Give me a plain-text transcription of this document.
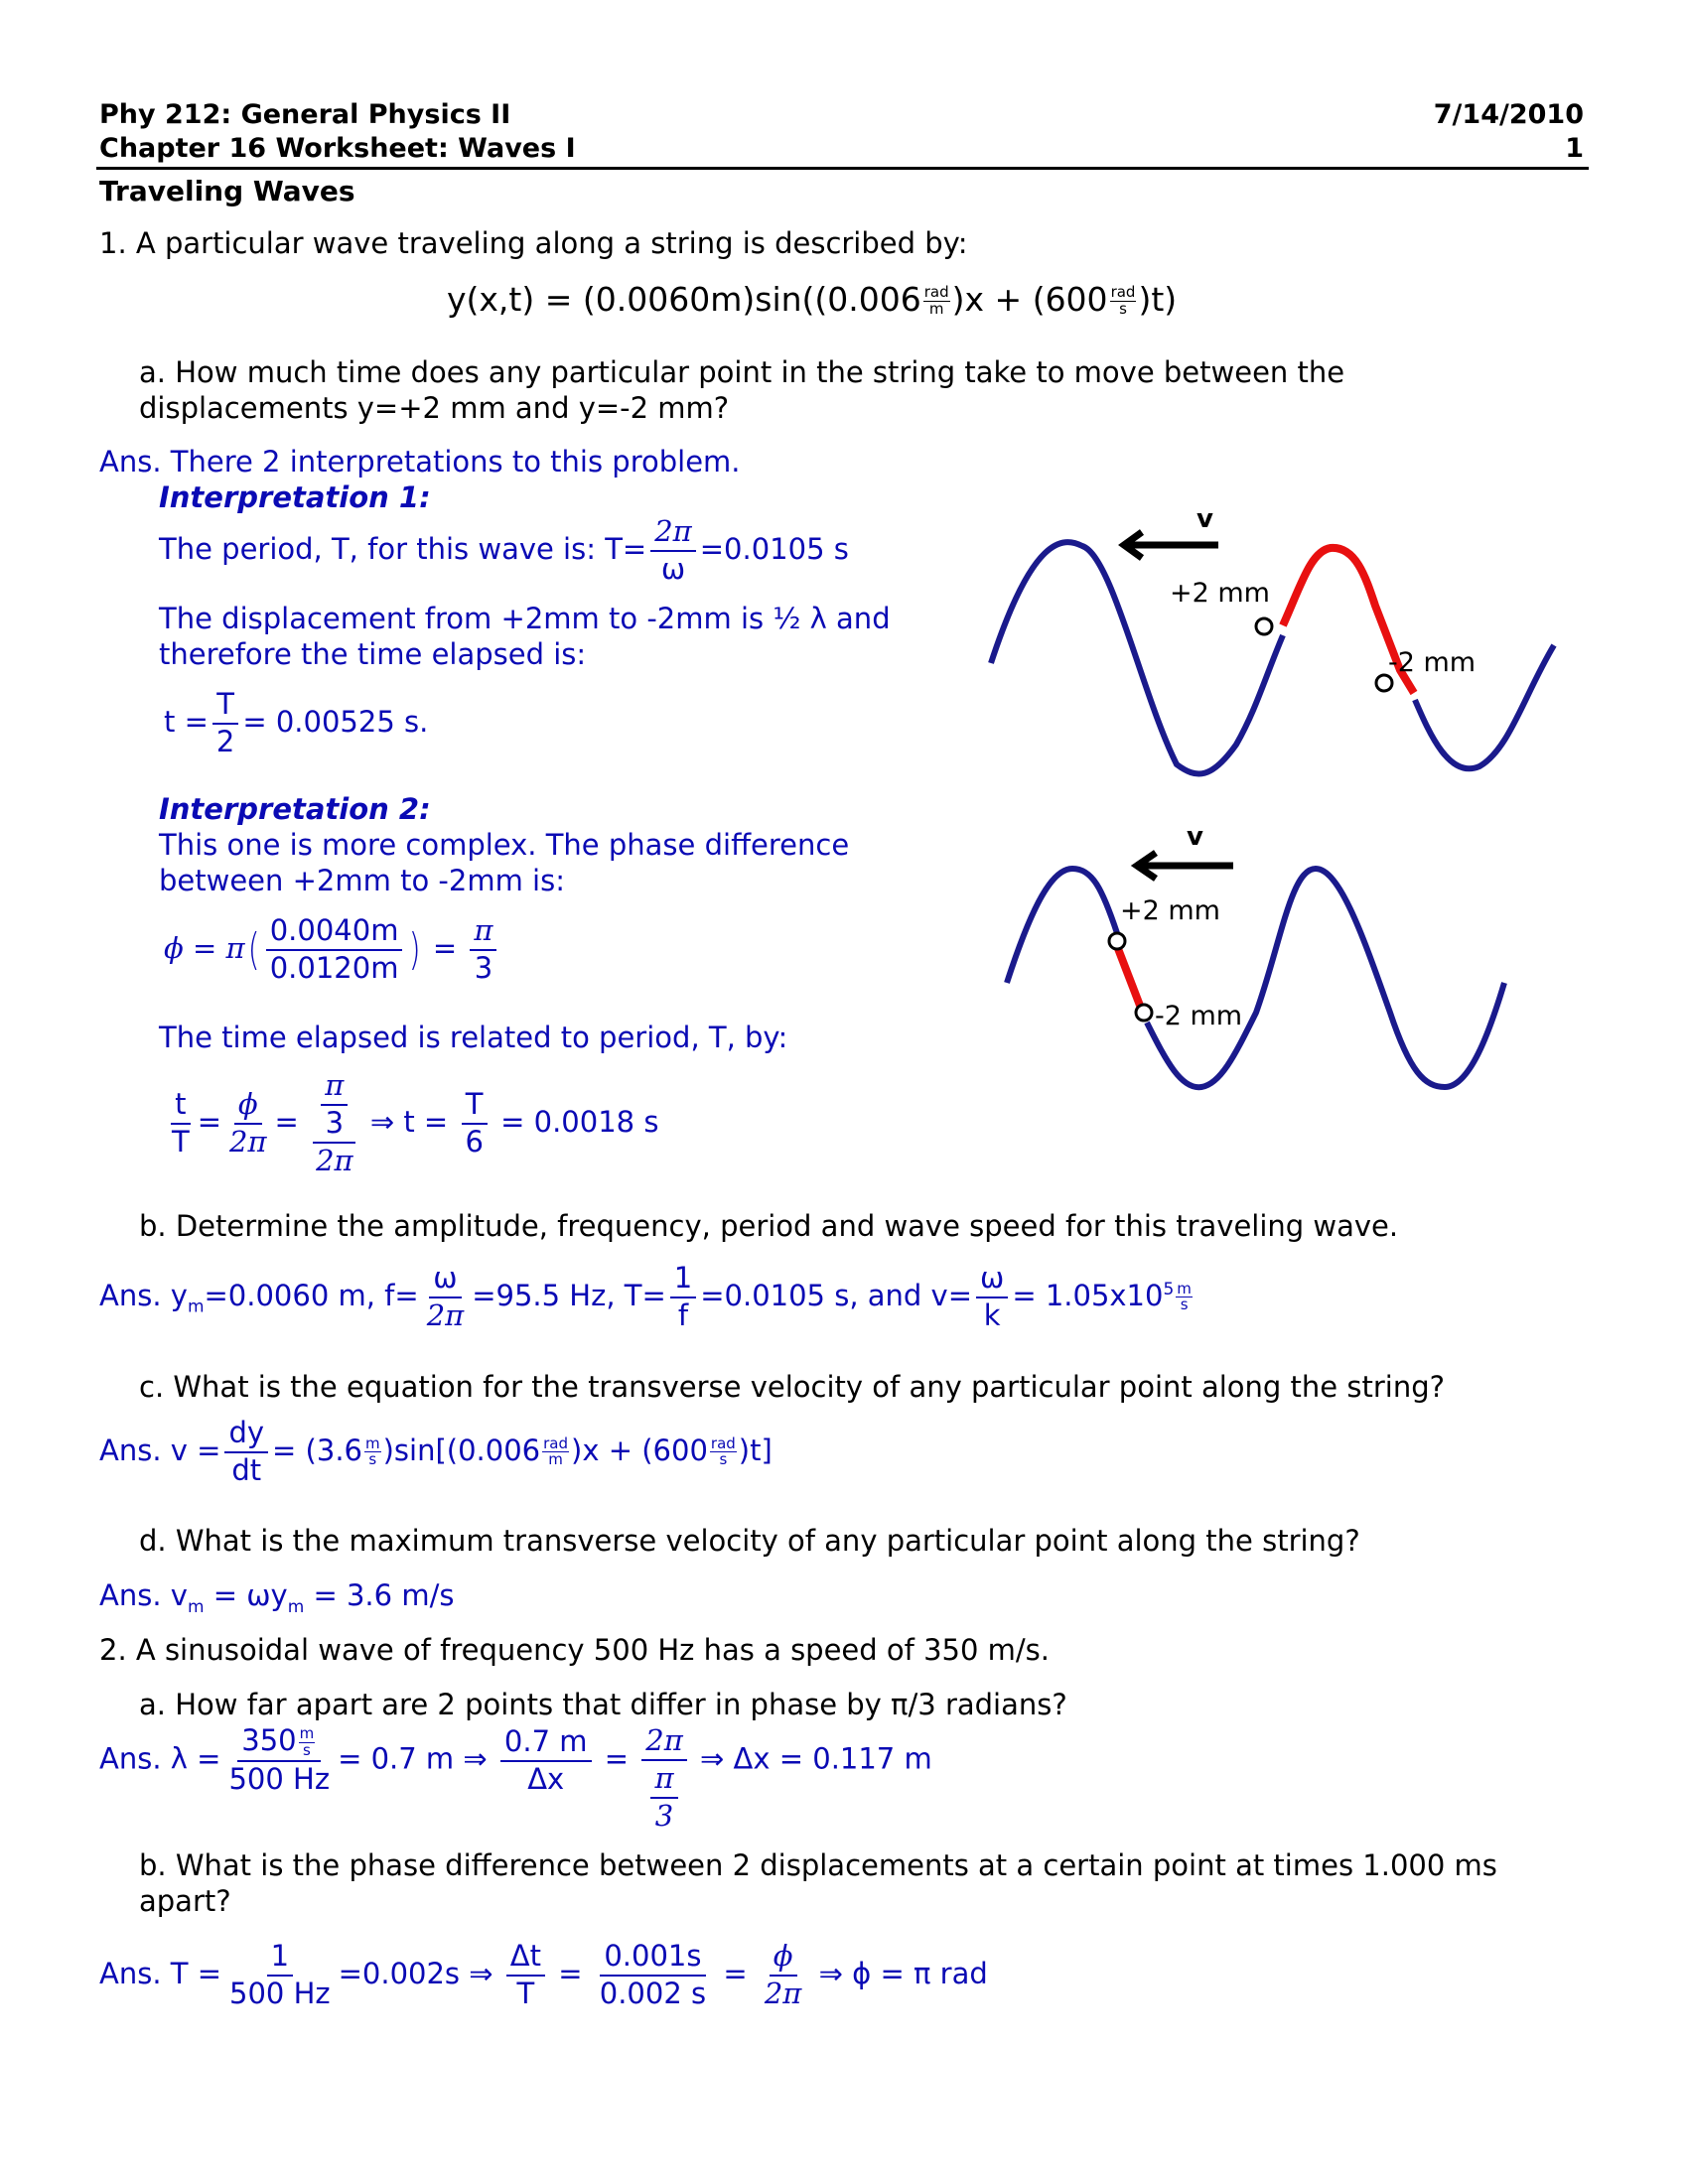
Phy 212: General Physics II	7/14/2010
Chapter 16 Worksheet: Waves I	1
Traveling Waves
1. A particular wave traveling along a string is described by:
$y(x,t) = (0.0060m)\sin((0.006 \frac{\text{rad}}{m} )x + (600 \frac{\text{rad}}{s} )t)$
a. How much time does any particular point in the string take to move between the
displacements y=+2 mm and y=-2 mm?
Ans. There 2 interpretations to this problem.
Interpretation 1:
The period, T, for this wave is: $T= \frac{2\pi}{\omega} =0.0105$ s
The displacement from +2mm to -2mm is ½ λ and
therefore the time elapsed is:
$t = \frac{T}{2} = 0.00525$ s.
Interpretation 2:
This one is more complex. The phase difference
between +2mm to -2mm is:
$\phi = \pi( \frac{0.0040m}{0.0120m}$ ) = $\frac{\pi}{3}$
The time elapsed is related to period, T, by:
$\frac{t}{T} = \frac{\phi}{2\pi} = \frac{\frac{\pi}{3}}{2\pi}$ ⇒ $t = \frac{T}{6} = 0.0018$ s
v
+2 mm
-2 mm
v
+2 mm
-2 mm
b. Determine the amplitude, frequency, period and wave speed for this traveling wave.
Ans. $y_m=0.0060$ m, $f= \frac{\omega}{2\pi} =95.5$ Hz, $T= \frac{1}{f} =0.0105$ s, and $v= \frac{\omega}{k} = 1.05x10^5 \frac{m}{s}$
c. What is the equation for the transverse velocity of any particular point along the string?
Ans. $v = \frac{dy}{dt} = (3.6 \frac{m}{s} )\sin[(0.006 \frac{\text{rad}}{m} )x + (600 \frac{\text{rad}}{s} )t]$
d. What is the maximum transverse velocity of any particular point along the string?
Ans. $v_m = \omega y_m = 3.6$ m/s
2. A sinusoidal wave of frequency 500 Hz has a speed of 350 m/s.
a. How far apart are 2 points that differ in phase by π/3 radians?
Ans. $\lambda = \frac{350 \frac{m}{s}}{500 Hz} = 0.7$ m ⇒ $\frac{0.7 m}{\Delta x} = \frac{2\pi}{\frac{\pi}{3}}$ ⇒ Δx = 0.117 m
b. What is the phase difference between 2 displacements at a certain point at times 1.000 ms
apart?
Ans. $T = \frac{1}{500 Hz} =0.002s$ ⇒ $\frac{\Delta t}{T} = \frac{0.001s}{0.002 s} = \frac{\phi}{2\pi}$ ⇒ ϕ = π rad
